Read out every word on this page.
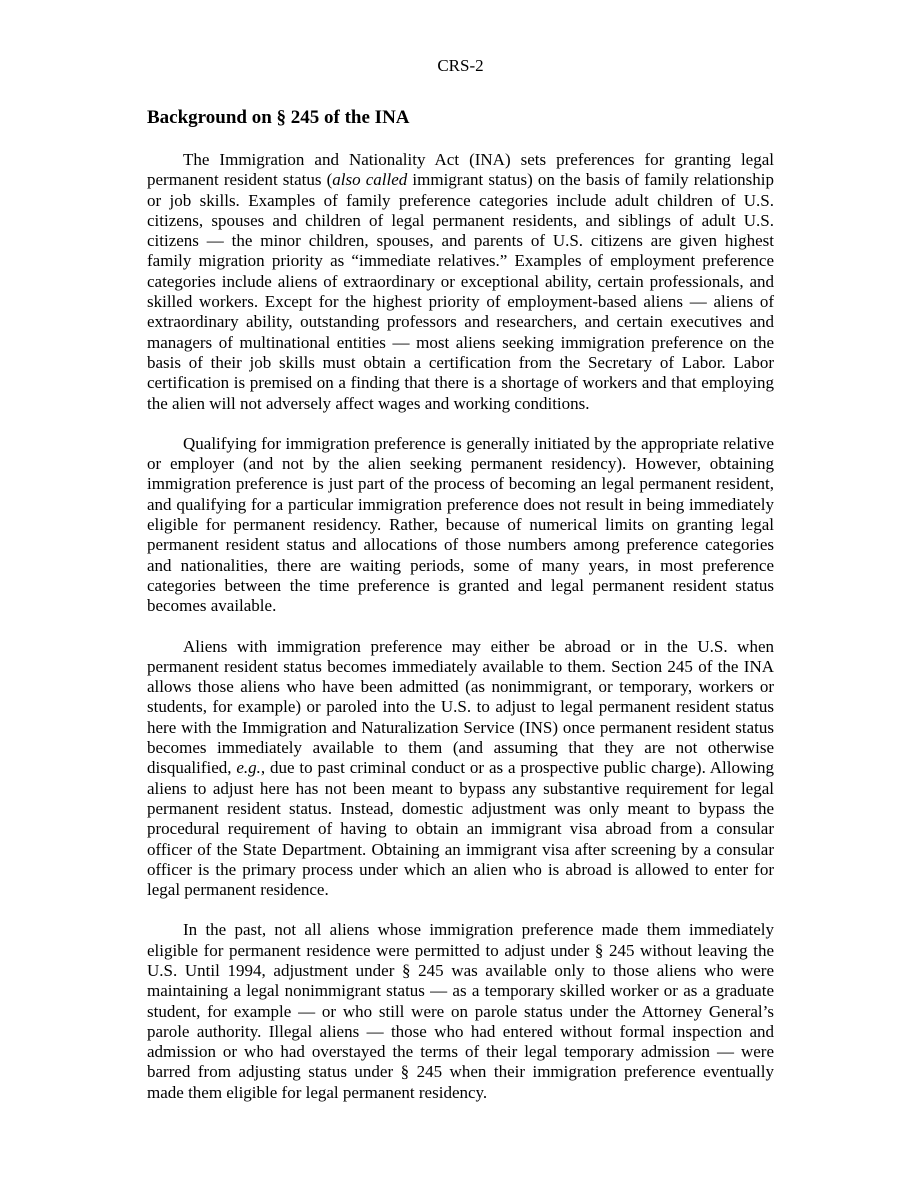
CRS-2
Background on § 245 of the INA

The Immigration and Nationality Act (INA) sets preferences for granting legal permanent resident status (also called immigrant status) on the basis of family relationship or job skills. Examples of family preference categories include adult children of U.S. citizens, spouses and children of legal permanent residents, and siblings of adult U.S. citizens — the minor children, spouses, and parents of U.S. citizens are given highest family migration priority as “immediate relatives.” Examples of employment preference categories include aliens of extraordinary or exceptional ability, certain professionals, and skilled workers. Except for the highest priority of employment-based aliens — aliens of extraordinary ability, outstanding professors and researchers, and certain executives and managers of multinational entities — most aliens seeking immigration preference on the basis of their job skills must obtain a certification from the Secretary of Labor. Labor certification is premised on a finding that there is a shortage of workers and that employing the alien will not adversely affect wages and working conditions.

Qualifying for immigration preference is generally initiated by the appropriate relative or employer (and not by the alien seeking permanent residency). However, obtaining immigration preference is just part of the process of becoming an legal permanent resident, and qualifying for a particular immigration preference does not result in being immediately eligible for permanent residency. Rather, because of numerical limits on granting legal permanent resident status and allocations of those numbers among preference categories and nationalities, there are waiting periods, some of many years, in most preference categories between the time preference is granted and legal permanent resident status becomes available.

Aliens with immigration preference may either be abroad or in the U.S. when permanent resident status becomes immediately available to them. Section 245 of the INA allows those aliens who have been admitted (as nonimmigrant, or temporary, workers or students, for example) or paroled into the U.S. to adjust to legal permanent resident status here with the Immigration and Naturalization Service (INS) once permanent resident status becomes immediately available to them (and assuming that they are not otherwise disqualified, e.g., due to past criminal conduct or as a prospective public charge). Allowing aliens to adjust here has not been meant to bypass any substantive requirement for legal permanent resident status. Instead, domestic adjustment was only meant to bypass the procedural requirement of having to obtain an immigrant visa abroad from a consular officer of the State Department. Obtaining an immigrant visa after screening by a consular officer is the primary process under which an alien who is abroad is allowed to enter for legal permanent residence.

In the past, not all aliens whose immigration preference made them immediately eligible for permanent residence were permitted to adjust under § 245 without leaving the U.S. Until 1994, adjustment under § 245 was available only to those aliens who were maintaining a legal nonimmigrant status — as a temporary skilled worker or as a graduate student, for example — or who still were on parole status under the Attorney General’s parole authority. Illegal aliens — those who had entered without formal inspection and admission or who had overstayed the terms of their legal temporary admission — were barred from adjusting status under § 245 when their immigration preference eventually made them eligible for legal permanent residency.
